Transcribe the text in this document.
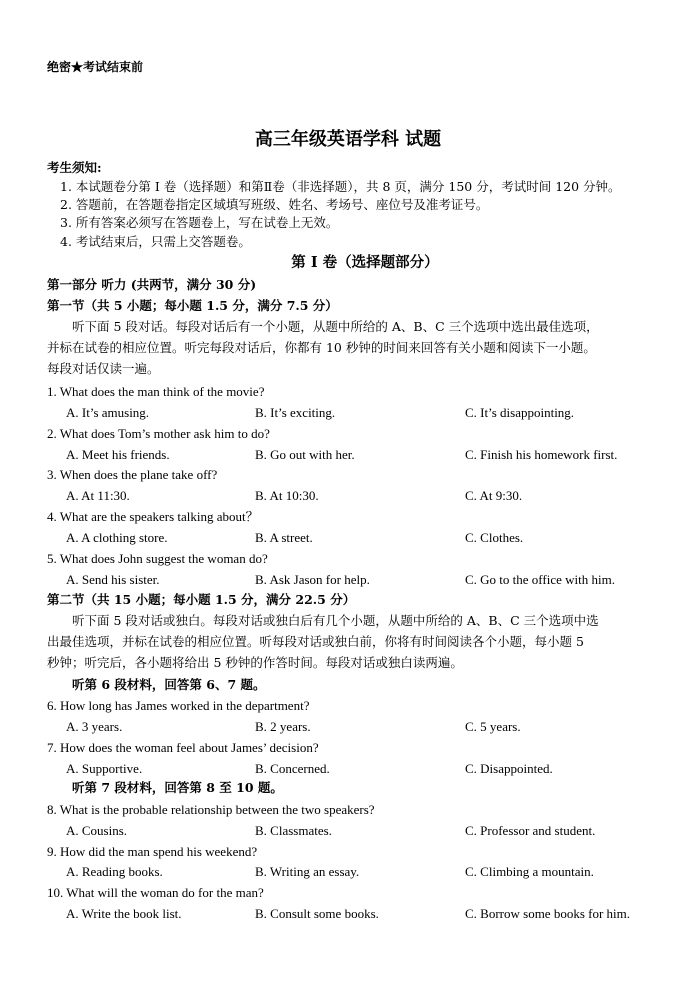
绝密★考试结束前
高三年级英语学科 试题
考生须知:
1. 本试题卷分第 I 卷（选择题）和第Ⅱ卷（非选择题），共 8 页，满分 150 分，考试时间 120 分钟。
2. 答题前，在答题卷指定区域填写班级、姓名、考场号、座位号及准考证号。
3. 所有答案必须写在答题卷上，写在试卷上无效。
4. 考试结束后，只需上交答题卷。
第 I 卷（选择题部分）
第一部分 听力 (共两节，满分 30 分)
第一节（共 5 小题；每小题 1.5 分，满分 7.5 分）
听下面 5 段对话。每段对话后有一个小题，从题中所给的 A、B、C 三个选项中选出最佳选项，
并标在试卷的相应位置。听完每段对话后，你都有 10 秒钟的时间来回答有关小题和阅读下一小题。
每段对话仅读一遍。
1. What does the man think of the movie?
A. It’s amusing.	B. It’s exciting.	C. It’s disappointing.
2. What does Tom’s mother ask him to do?
A. Meet his friends.	B. Go out with her.	C. Finish his homework first.
3. When does the plane take off?
A. At 11:30.	B. At 10:30.	C. At 9:30.
4. What are the speakers talking about？
A. A clothing store.	B. A street.	C. Clothes.
5. What does John suggest the woman do?
A. Send his sister.	B. Ask Jason for help.	C. Go to the office with him.
第二节（共 15 小题；每小题 1.5 分，满分 22.5 分）
听下面 5 段对话或独白。每段对话或独白后有几个小题，从题中所给的 A、B、C 三个选项中选
出最佳选项，并标在试卷的相应位置。听每段对话或独白前，你将有时间阅读各个小题，每小题 5
秒钟；听完后，各小题将给出 5 秒钟的作答时间。每段对话或独白读两遍。
听第 6 段材料，回答第 6、7 题。
6. How long has James worked in the department?
A. 3 years.	B. 2 years.	C. 5 years.
7. How does the woman feel about James’ decision?
A. Supportive.	B. Concerned.	C. Disappointed.
听第 7 段材料，回答第 8 至 10 题。
8. What is the probable relationship between the two speakers?
A. Cousins.	B. Classmates.	C. Professor and student.
9. How did the man spend his weekend?
A. Reading books.	B. Writing an essay.	C. Climbing a mountain.
10. What will the woman do for the man?
A. Write the book list.	B. Consult some books.	C. Borrow some books for him.
